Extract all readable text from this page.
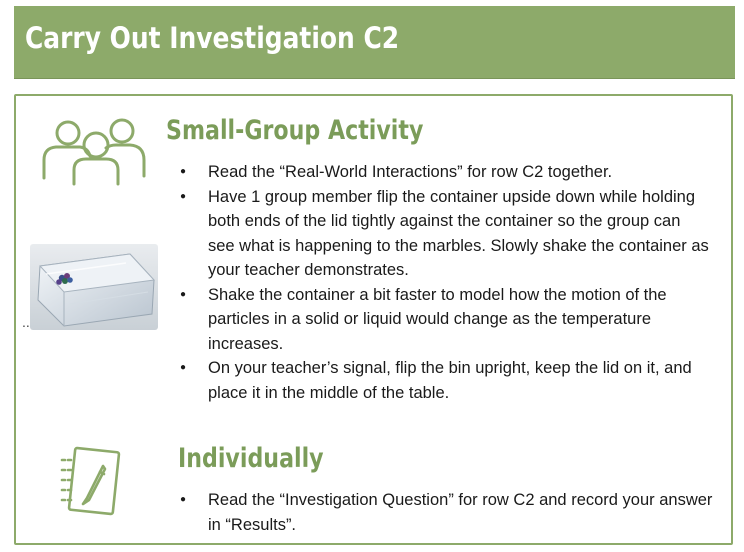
Carry Out Investigation C2
Small-Group Activity
..
● Read the “Real-World Interactions” for row C2 together.
● Have 1 group member flip the container upside down while holding both ends of the lid tightly against the container so the group can see what is happening to the marbles. Slowly shake the container as your teacher demonstrates.
● Shake the container a bit faster to model how the motion of the particles in a solid or liquid would change as the temperature increases.
● On your teacher’s signal, flip the bin upright, keep the lid on it, and place it in the middle of the table.
Individually
● Read the “Investigation Question” for row C2 and record your answer in “Results”.
